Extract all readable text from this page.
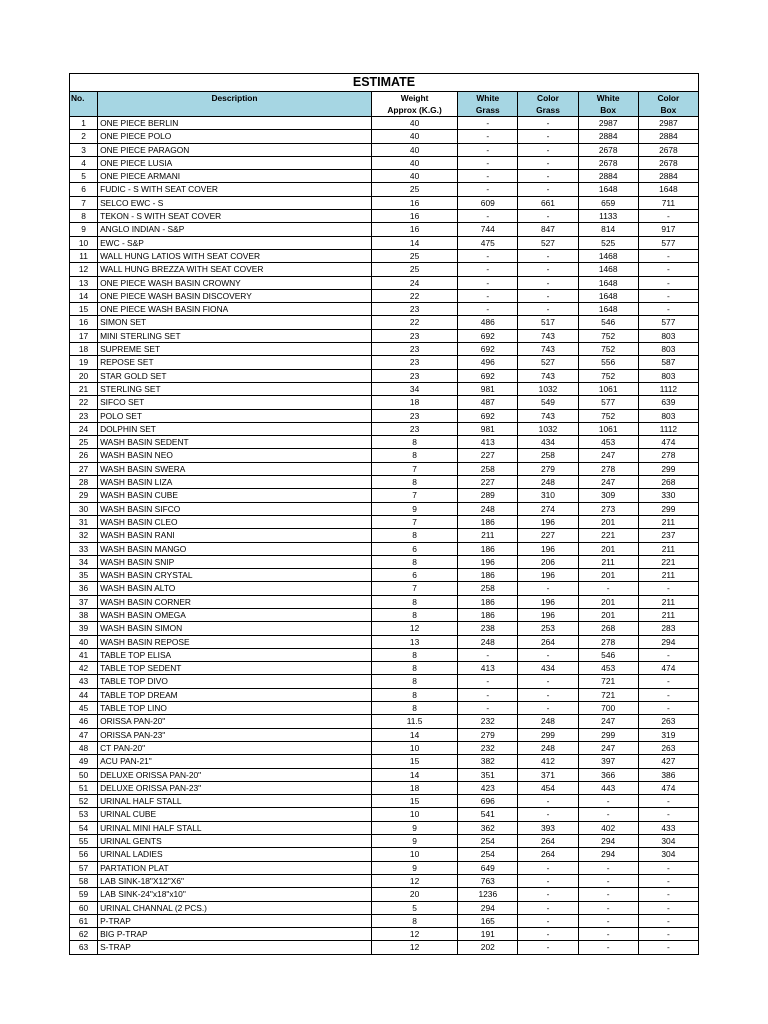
ESTIMATE						
No.	Description	Weight	White	Color	White	Color
		Approx (K.G.)	Grass	Grass	Box	Box
1	ONE PIECE BERLIN	40	-	-	2987	2987
2	ONE PIECE POLO	40	-	-	2884	2884
3	ONE PIECE PARAGON	40	-	-	2678	2678
4	ONE PIECE LUSIA	40	-	-	2678	2678
5	ONE PIECE ARMANI	40	-	-	2884	2884
6	FUDIC - S WITH SEAT COVER	25	-	-	1648	1648
7	SELCO EWC - S	16	609	661	659	711
8	TEKON - S WITH SEAT COVER	16	-	-	1133	-
9	ANGLO INDIAN - S&P	16	744	847	814	917
10	EWC - S&P	14	475	527	525	577
11	WALL HUNG LATIOS WITH SEAT COVER	25	-	-	1468	-
12	WALL HUNG BREZZA WITH SEAT COVER	25	-	-	1468	-
13	ONE PIECE WASH BASIN CROWNY	24	-	-	1648	-
14	ONE PIECE WASH BASIN DISCOVERY	22	-	-	1648	-
15	ONE PIECE WASH BASIN FIONA	23	-	-	1648	-
16	SIMON SET	22	486	517	546	577
17	MINI STERLING SET	23	692	743	752	803
18	SUPREME SET	23	692	743	752	803
19	REPOSE SET	23	496	527	556	587
20	STAR GOLD SET	23	692	743	752	803
21	STERLING SET	34	981	1032	1061	1112
22	SIFCO SET	18	487	549	577	639
23	POLO SET	23	692	743	752	803
24	DOLPHIN SET	23	981	1032	1061	1112
25	WASH BASIN SEDENT	8	413	434	453	474
26	WASH BASIN NEO	8	227	258	247	278
27	WASH BASIN SWERA	7	258	279	278	299
28	WASH BASIN LIZA	8	227	248	247	268
29	WASH BASIN CUBE	7	289	310	309	330
30	WASH BASIN SIFCO	9	248	274	273	299
31	WASH BASIN CLEO	7	186	196	201	211
32	WASH BASIN RANI	8	211	227	221	237
33	WASH BASIN MANGO	6	186	196	201	211
34	WASH BASIN SNIP	8	196	206	211	221
35	WASH BASIN CRYSTAL	6	186	196	201	211
36	WASH BASIN ALTO	7	258	-	-	-
37	WASH BASIN CORNER	8	186	196	201	211
38	WASH BASIN OMEGA	8	186	196	201	211
39	WASH BASIN SIMON	12	238	253	268	283
40	WASH BASIN REPOSE	13	248	264	278	294
41	TABLE TOP ELISA	8	-	-	546	-
42	TABLE TOP SEDENT	8	413	434	453	474
43	TABLE TOP DIVO	8	-	-	721	-
44	TABLE TOP DREAM	8	-	-	721	-
45	TABLE TOP LINO	8	-	-	700	-
46	ORISSA PAN-20"	11.5	232	248	247	263
47	ORISSA PAN-23"	14	279	299	299	319
48	CT PAN-20"	10	232	248	247	263
49	ACU PAN-21"	15	382	412	397	427
50	DELUXE ORISSA PAN-20"	14	351	371	366	386
51	DELUXE ORISSA PAN-23"	18	423	454	443	474
52	URINAL HALF STALL	15	696	-	-	-
53	URINAL CUBE	10	541	-	-	-
54	URINAL MINI HALF STALL	9	362	393	402	433
55	URINAL GENTS	9	254	264	294	304
56	URINAL LADIES	10	254	264	294	304
57	PARTATION PLAT	9	649	-	-	-
58	LAB SINK-18"X12"X6"	12	763	-	-	-
59	LAB SINK-24"x18"x10"	20	1236	-	-	-
60	URINAL CHANNAL (2 PCS.)	5	294	-	-	-
61	P-TRAP	8	165	-	-	-
62	BIG P-TRAP	12	191	-	-	-
63	S-TRAP	12	202	-	-	-
